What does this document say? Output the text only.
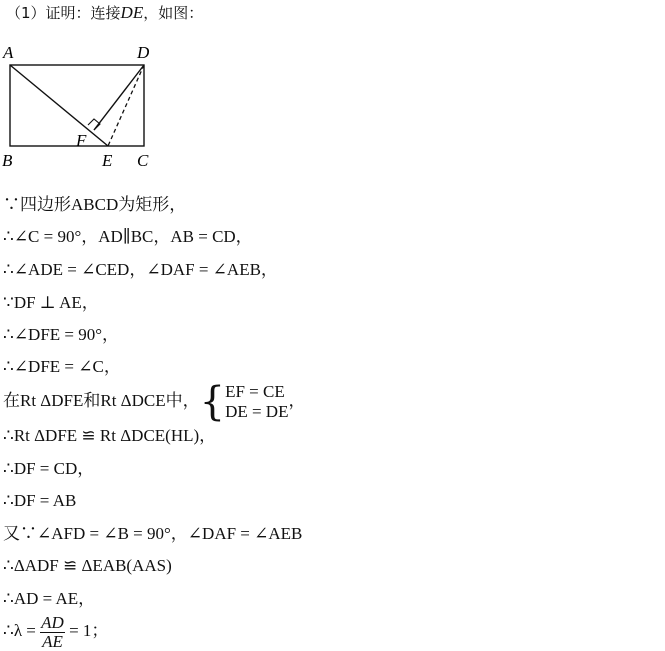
（1）证明：连接DE，如图：
A	D
B	C
E
F
∵四边形ABCD为矩形，
∴∠C = 90°，AD∥BC，AB = CD，
∴∠ADE = ∠CED，∠DAF = ∠AEB，
∵DF ⊥ AE，
∴∠DFE = 90°，
∴∠DFE = ∠C，
在Rt ΔDFE和Rt ΔDCE中，{ EF = CE
DE = DE
，
∴Rt ΔDFE ≌ Rt ΔDCE(HL)，
∴DF = CD，
∴DF = AB
又∵∠AFD = ∠B = 90°，∠DAF = ∠AEB
∴ΔADF ≌ ΔEAB(AAS)
∴AD = AE，
∴λ = $\frac{AD}{AE} = 1$；
